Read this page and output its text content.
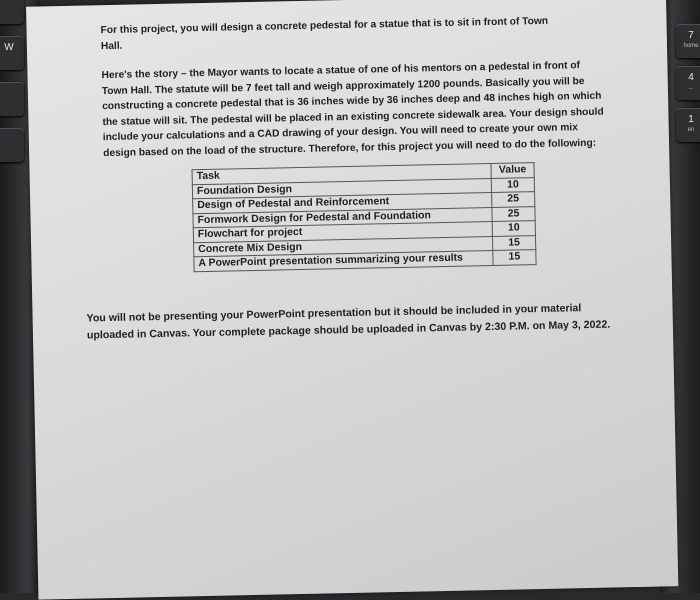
W
7
home
4
←
1
en

For this project, you will design a concrete pedestal for a statue that is to sit in front of Town Hall.

Here's the story – the Mayor wants to locate a statue of one of his mentors on a pedestal in front of Town Hall. The statute will be 7 feet tall and weigh approximately 1200 pounds. Basically you will be constructing a concrete pedestal that is 36 inches wide by 36 inches deep and 48 inches high on which the statue will sit. The pedestal will be placed in an existing concrete sidewalk area. Your design should include your calculations and a CAD drawing of your design. You will need to create your own mix design based on the load of the structure. Therefore, for this project you will need to do the following:

Task	Value
Foundation Design	10
Design of Pedestal and Reinforcement	25
Formwork Design for Pedestal and Foundation	25
Flowchart for project	10
Concrete Mix Design	15
A PowerPoint presentation summarizing your results	15

You will not be presenting your PowerPoint presentation but it should be included in your material uploaded in Canvas. Your complete package should be uploaded in Canvas by 2:30 P.M. on May 3, 2022.
